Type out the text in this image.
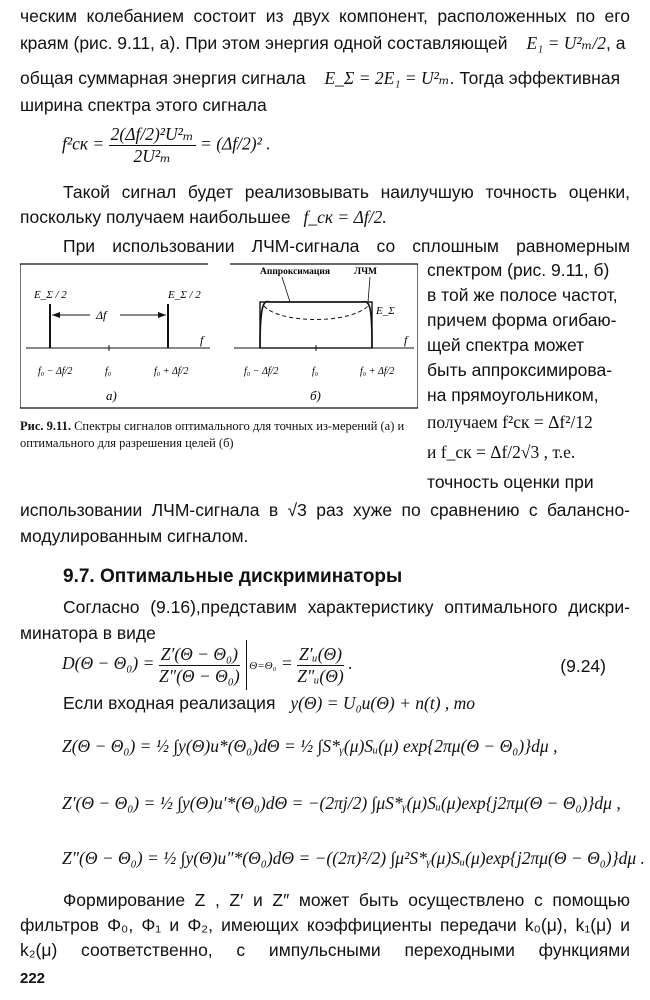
ческим колебанием состоит из двух компонент, расположенных по его
краям (рис. 9.11, а). При этом энергия одной составляющей E₁ = U²ₘ/2, а
общая суммарная энергия сигнала E_Σ = 2E₁ = U²ₘ. Тогда эффективная
ширина спектра этого сигнала
$f^2ск = \frac{\text{2(Δf/2)²U²ₘ}}{\text{2U²ₘ}} = (\Delta f/2)^2$ .
Такой сигнал будет реализовывать наилучшую точность оценки,
поскольку получаем наибольшее f_ск = Δf/2.
При использовании ЛЧМ-сигнала со сплошным равномерным
E_Σ / 2	E_Σ / 2
Δf
f
f₀ − Δf/2	f₀	f₀ + Δf/2
а)
Аппроксимация	ЛЧМ
E_Σ
f
f₀ − Δf/2	f₀	f₀ + Δf/2
б)
Рис. 9.11. Спектры сигналов оптимального для точных из-мерений (а) и оптимального для разрешения целей (б)
спектром (рис. 9.11, б)
в той же полосе частот,
причем форма огибаю-
щей спектра может
быть аппроксимирова-
на прямоугольником,
получаем f²ск = Δf²/12
и f_ск = Δf/2√3 , т.е.
точность оценки при
использовании ЛЧМ-сигнала в √3 раз хуже по сравнению с балансно-
модулированным сигналом.
9.7. Оптимальные дискриминаторы
Согласно (9.16),представим характеристику оптимального дискри-
минатора в виде
$D(\Theta - \Theta_0) = \frac{\text{Z′(Θ − Θ₀)}}{\text{Z″(Θ − Θ₀)}} \Theta=\Theta_0 = \frac{\text{Z′ᵤ(Θ)}}{\text{Z″ᵤ(Θ)}}$ .	(9.24)
Если входная реализация y(Θ) = U₀u(Θ) + n(t) , то
Z(Θ − Θ₀) = ½ ∫y(Θ)u*(Θ₀)dΘ = ½ ∫S*ᵧ(μ)Sᵤ(μ) exp{2πμ(Θ − Θ₀)}dμ ,
Z′(Θ − Θ₀) = ½ ∫y(Θ)u′*(Θ₀)dΘ = −(2πj/2) ∫μS*ᵧ(μ)Sᵤ(μ)exp{j2πμ(Θ − Θ₀)}dμ ,
Z″(Θ − Θ₀) = ½ ∫y(Θ)u″*(Θ₀)dΘ = −((2π)²/2) ∫μ²S*ᵧ(μ)Sᵤ(μ)exp{j2πμ(Θ − Θ₀)}dμ .
Формирование Z , Z′ и Z″ может быть осуществлено с помощью
фильтров Φ₀, Φ₁ и Φ₂, имеющих коэффициенты передачи k₀(μ), k₁(μ) и
k₂(μ) соответственно, с импульсными переходными функциями
222
